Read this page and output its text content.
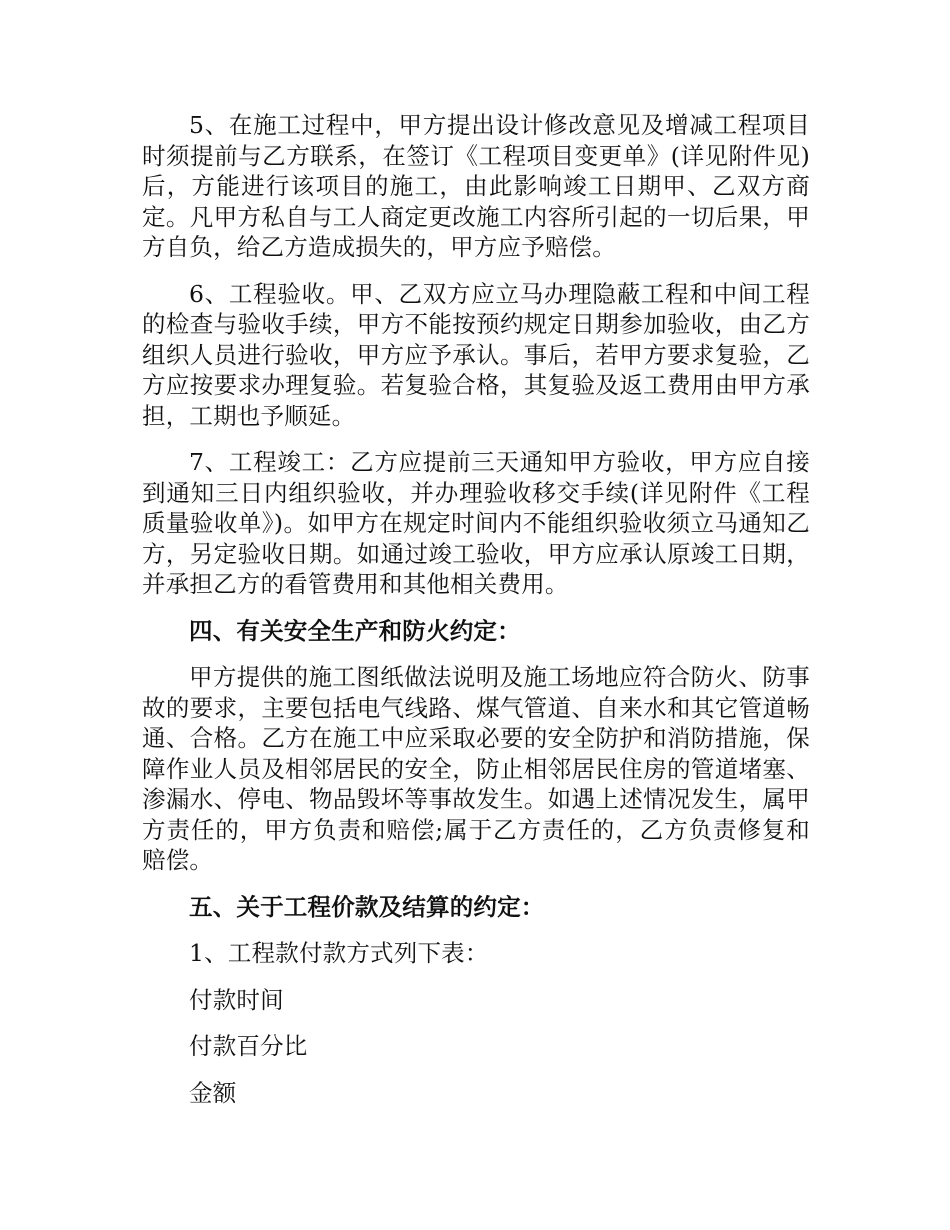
5、在施工过程中，甲方提出设计修改意见及增减工程项目时须提前与乙方联系，在签订《工程项目变更单》(详见附件见)后，方能进行该项目的施工，由此影响竣工日期甲、乙双方商定。凡甲方私自与工人商定更改施工内容所引起的一切后果，甲方自负，给乙方造成损失的，甲方应予赔偿。

6、工程验收。甲、乙双方应立马办理隐蔽工程和中间工程的检查与验收手续，甲方不能按预约规定日期参加验收，由乙方组织人员进行验收，甲方应予承认。事后，若甲方要求复验，乙方应按要求办理复验。若复验合格，其复验及返工费用由甲方承担，工期也予顺延。

7、工程竣工：乙方应提前三天通知甲方验收，甲方应自接到通知三日内组织验收，并办理验收移交手续(详见附件《工程质量验收单》)。如甲方在规定时间内不能组织验收须立马通知乙方，另定验收日期。如通过竣工验收，甲方应承认原竣工日期，并承担乙方的看管费用和其他相关费用。

四、有关安全生产和防火约定：

甲方提供的施工图纸做法说明及施工场地应符合防火、防事故的要求，主要包括电气线路、煤气管道、自来水和其它管道畅通、合格。乙方在施工中应采取必要的安全防护和消防措施，保障作业人员及相邻居民的安全，防止相邻居民住房的管道堵塞、渗漏水、停电、物品毁坏等事故发生。如遇上述情况发生，属甲方责任的，甲方负责和赔偿;属于乙方责任的，乙方负责修复和赔偿。

五、关于工程价款及结算的约定：

1、工程款付款方式列下表：

付款时间

付款百分比

金额
